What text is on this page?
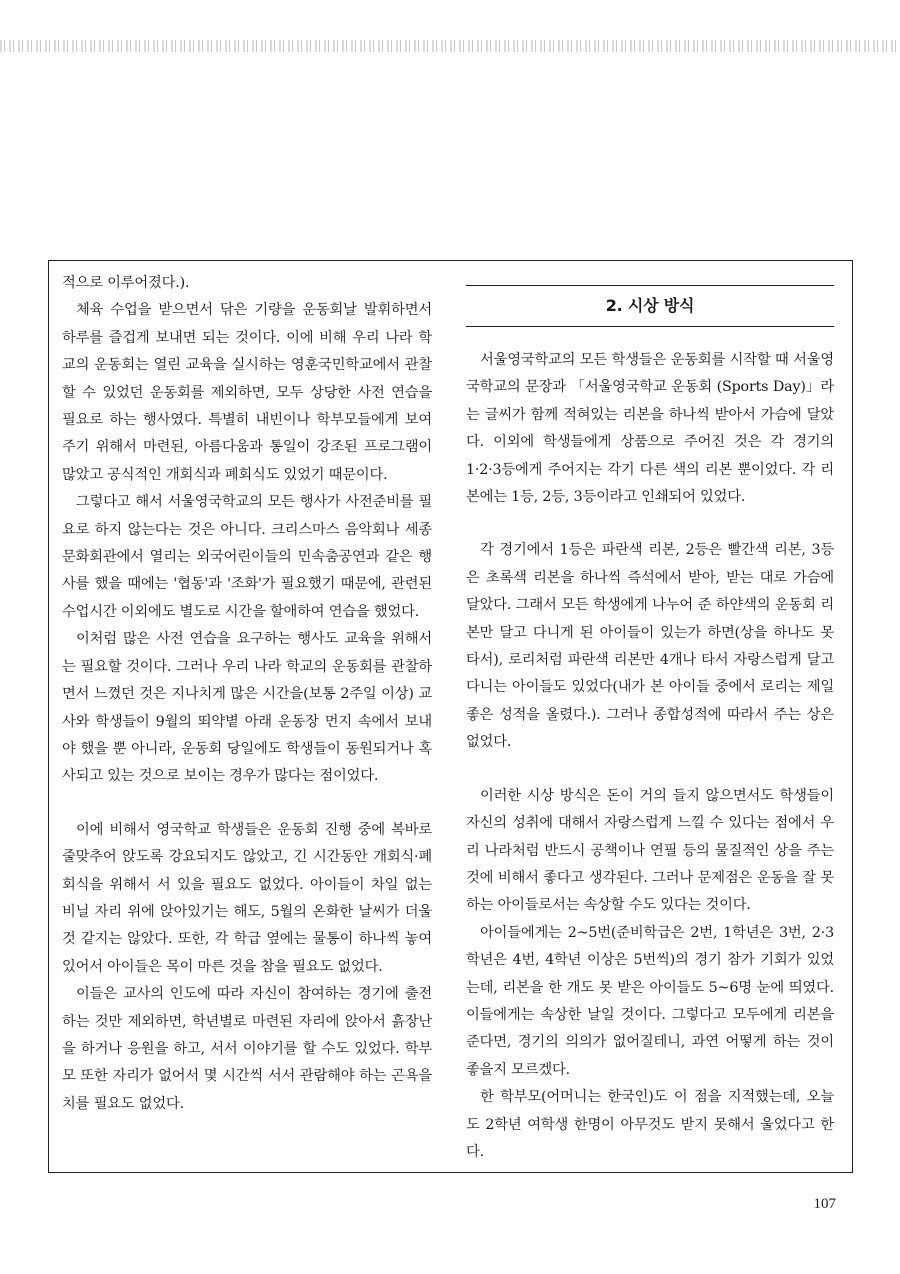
적으로 이루어졌다.).

체육 수업을 받으면서 닦은 기량을 운동회날 발휘하면서 하루를 즐겁게 보내면 되는 것이다. 이에 비해 우리 나라 학교의 운동회는 열린 교육을 실시하는 영훈국민학교에서 관찰할 수 있었던 운동회를 제외하면, 모두 상당한 사전 연습을 필요로 하는 행사였다. 특별히 내빈이나 학부모들에게 보여주기 위해서 마련된, 아름다움과 통일이 강조된 프로그램이 많았고 공식적인 개회식과 폐회식도 있었기 때문이다.

그렇다고 해서 서울영국학교의 모든 행사가 사전준비를 필요로 하지 않는다는 것은 아니다. 크리스마스 음악회나 세종문화회관에서 열리는 외국어린이들의 민속춤공연과 같은 행사를 했을 때에는 '협동'과 '조화'가 필요했기 때문에, 관련된 수업시간 이외에도 별도로 시간을 할애하여 연습을 했었다.

이처럼 많은 사전 연습을 요구하는 행사도 교육을 위해서는 필요할 것이다. 그러나 우리 나라 학교의 운동회를 관찰하면서 느꼈던 것은 지나치게 많은 시간을(보통 2주일 이상) 교사와 학생들이 9월의 뙤약볕 아래 운동장 먼지 속에서 보내야 했을 뿐 아니라, 운동회 당일에도 학생들이 동원되거나 혹사되고 있는 것으로 보이는 경우가 많다는 점이었다.

이에 비해서 영국학교 학생들은 운동회 진행 중에 복바로 줄맞추어 앉도록 강요되지도 않았고, 긴 시간동안 개회식·폐회식을 위해서 서 있을 필요도 없었다. 아이들이 차일 없는 비닐 자리 위에 앉아있기는 해도, 5월의 온화한 날씨가 더울 것 같지는 않았다. 또한, 각 학급 옆에는 물통이 하나씩 놓여 있어서 아이들은 목이 마른 것을 참을 필요도 없었다.

이들은 교사의 인도에 따라 자신이 참여하는 경기에 출전하는 것만 제외하면, 학년별로 마련된 자리에 앉아서 흙장난을 하거나 응원을 하고, 서서 이야기를 할 수도 있었다. 학부모 또한 자리가 없어서 몇 시간씩 서서 관람해야 하는 곤욕을 치를 필요도 없었다.

2. 시상 방식

서울영국학교의 모든 학생들은 운동회를 시작할 때 서울영국학교의 문장과 「서울영국학교 운동회 (Sports Day)」라는 글씨가 함께 적혀있는 리본을 하나씩 받아서 가슴에 달았다. 이외에 학생들에게 상품으로 주어진 것은 각 경기의 1·2·3등에게 주어지는 각기 다른 색의 리본 뿐이었다. 각 리본에는 1등, 2등, 3등이라고 인쇄되어 있었다.

각 경기에서 1등은 파란색 리본, 2등은 빨간색 리본, 3등은 초록색 리본을 하나씩 즉석에서 받아, 받는 대로 가슴에 달았다. 그래서 모든 학생에게 나누어 준 하얀색의 운동회 리본만 달고 다니게 된 아이들이 있는가 하면(상을 하나도 못 타서), 로리처럼 파란색 리본만 4개나 타서 자랑스럽게 달고 다니는 아이들도 있었다(내가 본 아이들 중에서 로리는 제일 좋은 성적을 올렸다.). 그러나 종합성적에 따라서 주는 상은 없었다.

이러한 시상 방식은 돈이 거의 들지 않으면서도 학생들이 자신의 성취에 대해서 자랑스럽게 느낄 수 있다는 점에서 우리 나라처럼 반드시 공책이나 연필 등의 물질적인 상을 주는 것에 비해서 좋다고 생각된다. 그러나 문제점은 운동을 잘 못하는 아이들로서는 속상할 수도 있다는 것이다.

아이들에게는 2~5번(준비학급은 2번, 1학년은 3번, 2·3학년은 4번, 4학년 이상은 5번씩)의 경기 참가 기회가 있었는데, 리본을 한 개도 못 받은 아이들도 5~6명 눈에 띄였다. 이들에게는 속상한 날일 것이다. 그렇다고 모두에게 리본을 준다면, 경기의 의의가 없어질테니, 과연 어떻게 하는 것이 좋을지 모르겠다.

한 학부모(어머니는 한국인)도 이 점을 지적했는데, 오늘도 2학년 여학생 한명이 아무것도 받지 못해서 울었다고 한다.

107
